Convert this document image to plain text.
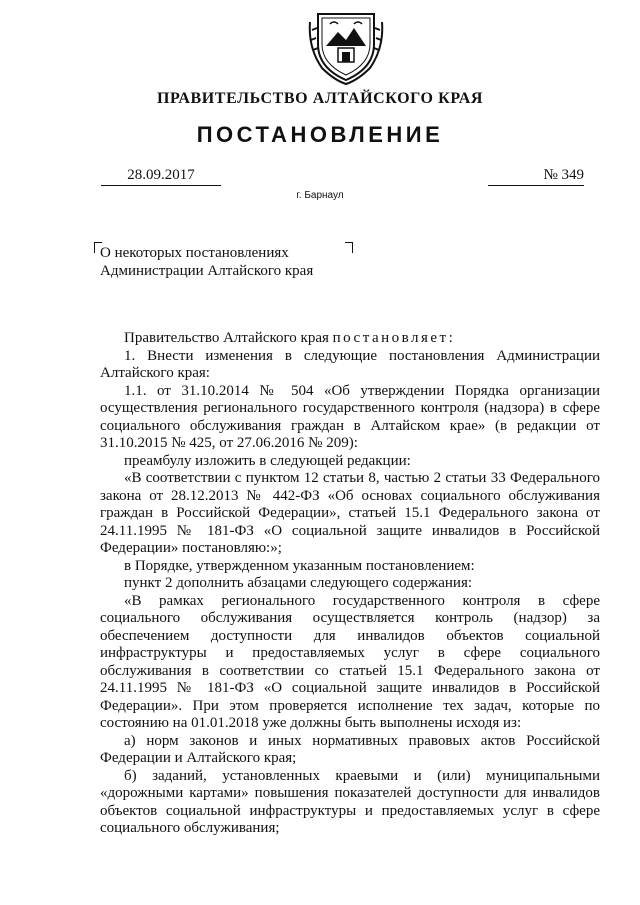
ПРАВИТЕЛЬСТВО АЛТАЙСКОГО КРАЯ
ПОСТАНОВЛЕНИЕ
28.09.2017	№ 349
г. Барнаул
О некоторых постановлениях Администрации Алтайского края

Правительство Алтайского края постановляет:

1. Внести изменения в следующие постановления Администрации Алтайского края:

1.1. от 31.10.2014 № 504 «Об утверждении Порядка организации осуществления регионального государственного контроля (надзора) в сфере социального обслуживания граждан в Алтайском крае» (в редакции от 31.10.2015 № 425, от 27.06.2016 № 209):

преамбулу изложить в следующей редакции:

«В соответствии с пунктом 12 статьи 8, частью 2 статьи 33 Федерального закона от 28.12.2013 № 442-ФЗ «Об основах социального обслуживания граждан в Российской Федерации», статьей 15.1 Федерального закона от 24.11.1995 № 181-ФЗ «О социальной защите инвалидов в Российской Федерации» постановляю:»;

в Порядке, утвержденном указанным постановлением:

пункт 2 дополнить абзацами следующего содержания:

«В рамках регионального государственного контроля в сфере социального обслуживания осуществляется контроль (надзор) за обеспечением доступности для инвалидов объектов социальной инфраструктуры и предоставляемых услуг в сфере социального обслуживания в соответствии со статьей 15.1 Федерального закона от 24.11.1995 № 181-ФЗ «О социальной защите инвалидов в Российской Федерации». При этом проверяется исполнение тех задач, которые по состоянию на 01.01.2018 уже должны быть выполнены исходя из:

а) норм законов и иных нормативных правовых актов Российской Федерации и Алтайского края;

б) заданий, установленных краевыми и (или) муниципальными «дорожными картами» повышения показателей доступности для инвалидов объектов социальной инфраструктуры и предоставляемых услуг в сфере социального обслуживания;
